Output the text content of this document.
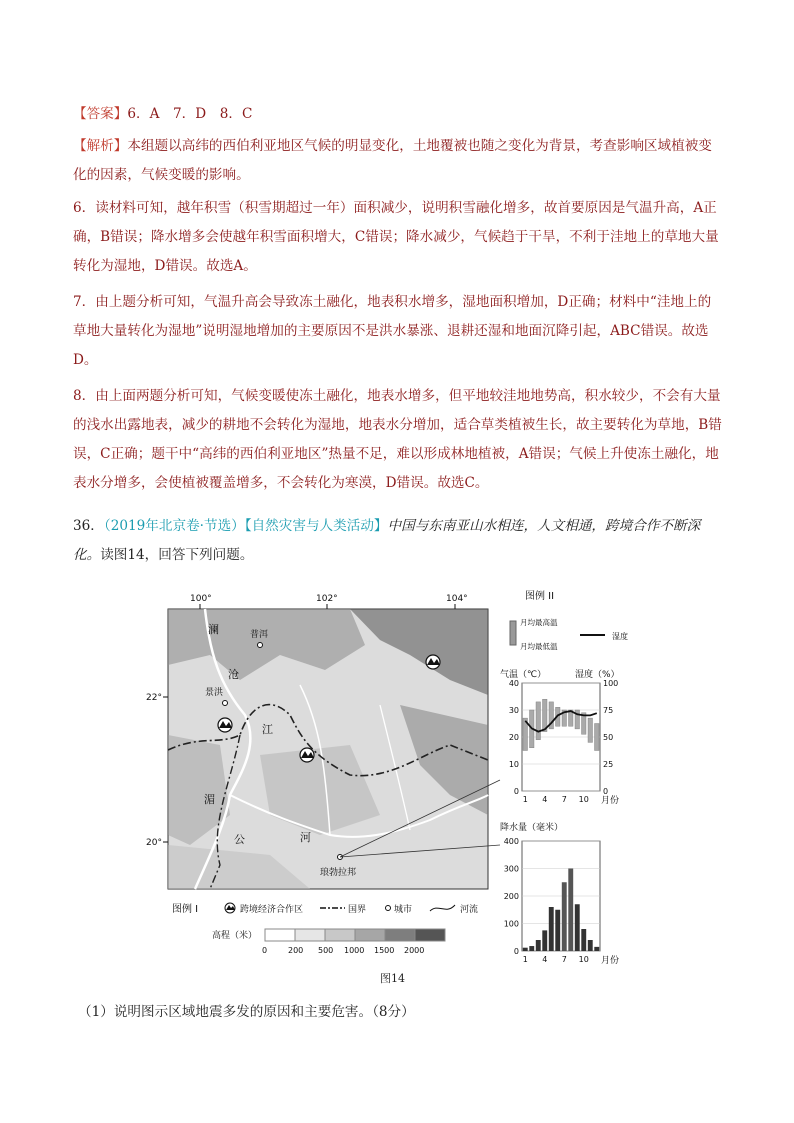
【答案】6．A　7．D　8．C
【解析】本组题以高纬的西伯利亚地区气候的明显变化，土地覆被也随之变化为背景，考查影响区域植被变化的因素，气候变暖的影响。
6．读材料可知，越年积雪（积雪期超过一年）面积减少，说明积雪融化增多，故首要原因是气温升高，A正确，B错误；降水增多会使越年积雪面积增大，C错误；降水减少，气候趋于干旱，不利于洼地上的草地大量转化为湿地，D错误。故选A。
7．由上题分析可知，气温升高会导致冻土融化，地表积水增多，湿地面积增加，D正确；材料中“洼地上的草地大量转化为湿地”说明湿地增加的主要原因不是洪水暴涨、退耕还湿和地面沉降引起，ABC错误。故选D。
8．由上面两题分析可知，气候变暖使冻土融化，地表水增多，但平地较洼地地势高，积水较少，不会有大量的浅水出露地表，减少的耕地不会转化为湿地，地表水分增加，适合草类植被生长，故主要转化为草地，B错误，C正确；题干中“高纬的西伯利亚地区”热量不足，难以形成林地植被，A错误；气候上升使冻土融化，地表水分增多，会使植被覆盖增多，不会转化为寒漠，D错误。故选C。
36．（2019年北京卷·节选）【自然灾害与人类活动】中国与东南亚山水相连，人文相通，跨境合作不断深化。读图14，回答下列问题。
普洱
景洪
琅勃拉邦
澜
沧
江
湄
公	河
100°	102°	104°
22°
20°
图例 I	跨境经济合作区	国界	城市	河流
高程（米）
0	200 500 1000 1500 2000
图例 II
月均最高温
月均最低温
湿度
气温（℃）	湿度（%）
月份
0
10
20
30
40
0
25
50
75
100
1 4 7 10
降水量（毫米）
月份
0
100
200
300
400
1 4 7 10
图14
（1）说明图示区域地震多发的原因和主要危害。（8分）
